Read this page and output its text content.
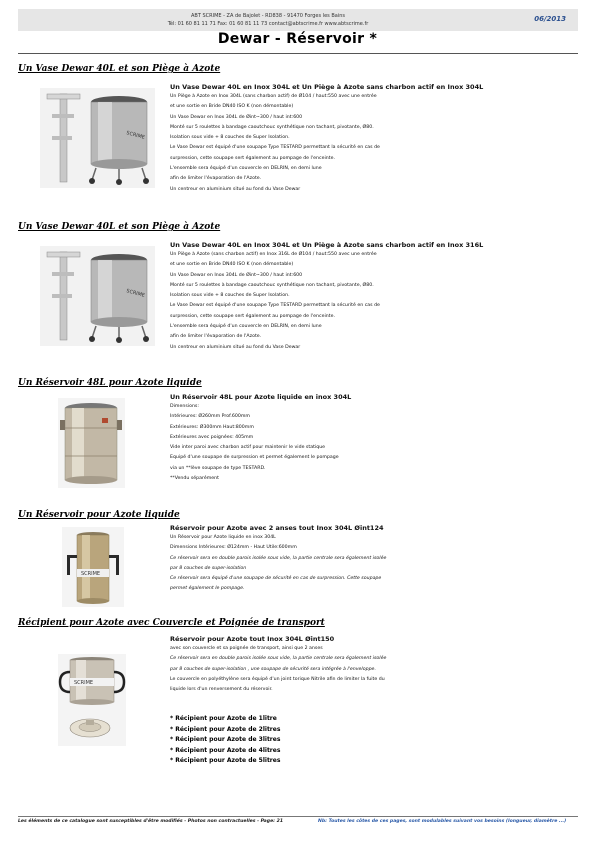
ABT SCRIME - ZA de Bajolet - RD838 - 91470 Forges les Bains
Tél: 01 60 81 11 71 Fax: 01 60 81 11 73 contact@abtscrime.fr www.abtscrime.fr
06/2013
Dewar - Réservoir *
Un Vase Dewar 40L et son Piège à Azote
SCRIME
Un Vase Dewar 40L en Inox 304L et Un Piège à Azote sans charbon actif en Inox 304L
Un Piège à Azote en Inox 304L (sans charbon actif) de Ø104 / haut:550 avec une entrée
et une sortie en Bride DN40 ISO K (non démontable)
Un Vase Dewar en Inox 304L de Øint~300 / haut int:600
Monté sur 5 roulettes à bandage caoutchouc synthétique non tachant, pivotante, Ø80.
Isolation sous vide + 8 couches de Super Isolation.
Le Vase Dewar est équipé d'une soupape Type TESTARD permettant la sécurité en cas de
surpression, cette soupape sert également au pompage de l'enceinte.
L'ensemble sera équipé d'un couvercle en DELRIN, en demi lune
afin de limiter l'évaporation de l'Azote.
Un centreur en aluminium situé au fond du Vase Dewar
Un Vase Dewar 40L et son Piège à Azote
SCRIME
Un Vase Dewar 40L en Inox 304L et Un Piège à Azote sans charbon actif en Inox 316L
Un Piège à Azote (sans charbon actif) en Inox 316L de Ø104 / haut:550 avec une entrée
et une sortie en Bride DN40 ISO K (non démontable)
Un Vase Dewar en Inox 304L de Øint~300 / haut int:600
Monté sur 5 roulettes à bandage caoutchouc synthétique non tachant, pivotante, Ø80.
Isolation sous vide + 8 couches de Super Isolation.
Le Vase Dewar est équipé d'une soupape Type TESTARD permettant la sécurité en cas de
surpression, cette soupape sert également au pompage de l'enceinte.
L'ensemble sera équipé d'un couvercle en DELRIN, en demi lune
afin de limiter l'évaporation de l'Azote.
Un centreur en aluminium situé au fond du Vase Dewar
Un Réservoir 48L pour Azote liquide
Un Réservoir 48L pour Azote liquide en inox 304L
Dimensions:
Intérieures: Ø260mm Prof.600mm
Extérieures: Ø300mm Haut:800mm
Extérieures avec poignées: 405mm
Vide inter paroi avec charbon actif pour maintenir le vide statique
Equipé d'une soupape de surpression et permet également le pompage
via un **lève soupape de type TESTARD.
**Vendu séparément
Un Réservoir pour Azote liquide
SCRIME
Réservoir pour Azote avec 2 anses tout Inox 304L Øint124
Un Réservoir pour Azote liquide en inox 304L
Dimensions Intérieures: Ø124mm - Haut Utile:600mm
Ce réservoir sera en double parois isolée sous vide, la partie centrale sera également isolée
par 8 couches de super-isolation
Ce réservoir sera équipé d'une soupape de sécurité en cas de surpression. Cette soupape
permet également le pompage.
Récipient pour Azote avec Couvercle et Poignée de transport
SCRIME
Réservoir pour Azote tout Inox 304L Øint150
avec son couvercle et sa poignée de transport, ainsi que 2 anses
Ce réservoir sera en double parois isolée sous vide, la partie centrale sera également isolée
par 8 couches de super-isolation , une soupape de sécurité sera intégrée à l'enveloppe.
Le couvercle en polyéthylène sera équipé d'un joint torique Nitrile afin de limiter la fuite du
liquide lors d'un renversement du réservoir.
* Récipient pour Azote de 1litre
* Récipient pour Azote de 2litres
* Récipient pour Azote de 3litres
* Récipient pour Azote de 4litres
* Récipient pour Azote de 5litres
Les éléments de ce catalogue sont susceptibles d'être modifiés - Photos non contractuelles - Page: 21	Nb: Toutes les côtes de ces pages, sont modulables suivant vos besoins (longueur, diamètre ...)
